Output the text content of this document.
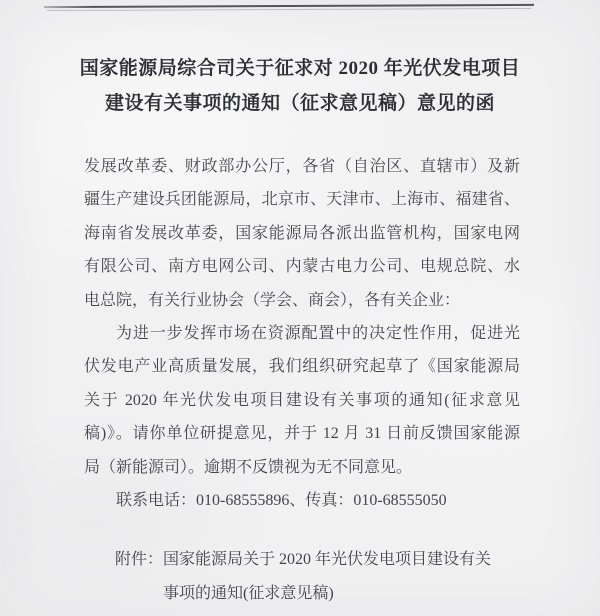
国家能源局综合司关于征求对 2020 年光伏发电项目
建设有关事项的通知（征求意见稿）意见的函
发展改革委、财政部办公厅，各省（自治区、直辖市）及新
疆生产建设兵团能源局，北京市、天津市、上海市、福建省、
海南省发展改革委，国家能源局各派出监管机构，国家电网
有限公司、南方电网公司、内蒙古电力公司、电规总院、水
电总院，有关行业协会（学会、商会），各有关企业：
为进一步发挥市场在资源配置中的决定性作用，促进光
伏发电产业高质量发展，我们组织研究起草了《国家能源局
关于 2020 年光伏发电项目建设有关事项的通知(征求意见
稿)》。请你单位研提意见，并于 12 月 31 日前反馈国家能源
局（新能源司）。逾期不反馈视为无不同意见。
联系电话：010-68555896、传真：010-68555050
附件： 国家能源局关于 2020 年光伏发电项目建设有关
事项的通知(征求意见稿)
